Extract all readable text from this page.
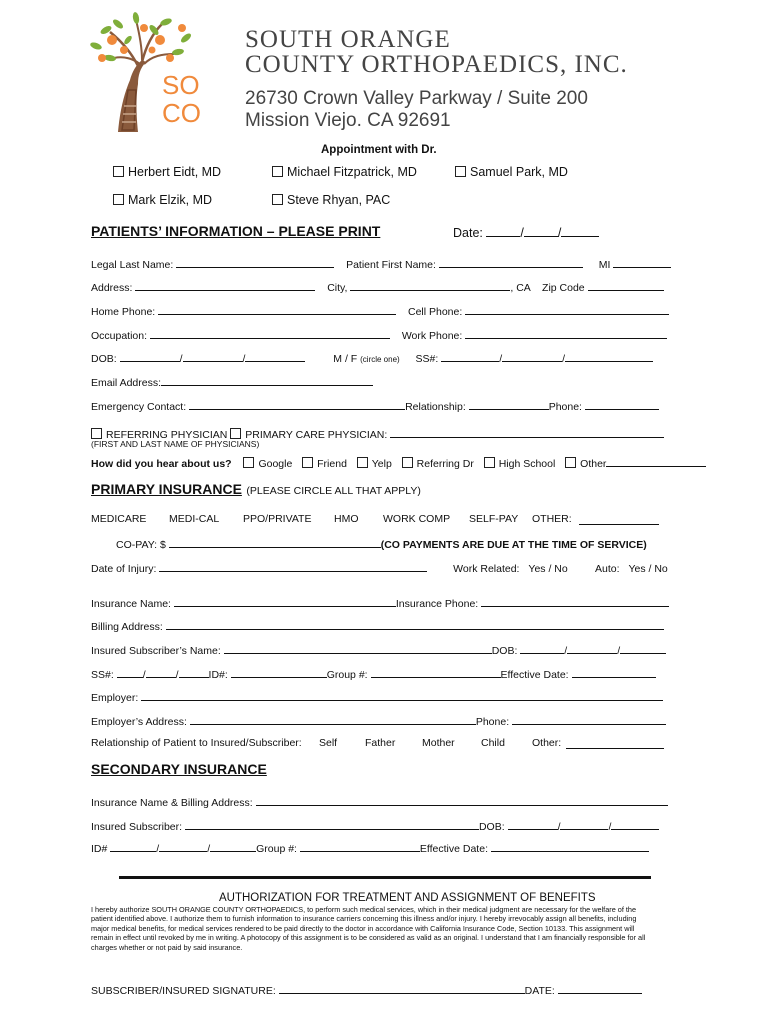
SO
CO
SOUTH ORANGE
COUNTY ORTHOPAEDICS, INC.
26730 Crown Valley Parkway / Suite 200
Mission Viejo. CA 92691
Appointment with Dr.
Herbert Eidt, MD	Michael Fitzpatrick, MD	Samuel Park, MD
Mark Elzik, MD	Steve Rhyan, PAC
PATIENTS’ INFORMATION – PLEASE PRINT	Date:	/	/
Legal Last Name:	Patient First Name:	MI
Address:	City,	, CA Zip Code
Home Phone:	Cell Phone:
Occupation:	Work Phone:
DOB:	/	/	M / F (circle one) SS#:	/	/
Email Address:
Emergency Contact:	Relationship:	Phone:
REFERRING PHYSICIAN PRIMARY CARE PHYSICIAN:
(FIRST AND LAST NAME OF PHYSICIANS)
How did you hear about us?	Google Friend Yelp Referring Dr High School Other
PRIMARY INSURANCE (PLEASE CIRCLE ALL THAT APPLY)
MEDICARE MEDI-CAL PPO/PRIVATE HMO WORK COMP SELF-PAY OTHER:
CO-PAY: $	(CO PAYMENTS ARE DUE AT THE TIME OF SERVICE)
Date of Injury:	Work Related: Yes / No	Auto: Yes / No
Insurance Name:	Insurance Phone:
Billing Address:
Insured Subscriber’s Name:	DOB:	/	/
SS#:	/	/	ID#:	Group #:	Effective Date:
Employer:
Employer’s Address:	Phone:
Relationship of Patient to Insured/Subscriber: Self	Father	Mother	Child	Other:
SECONDARY INSURANCE
Insurance Name & Billing Address:
Insured Subscriber:	DOB:	/	/
ID#	/	/	Group #:	Effective Date:
AUTHORIZATION FOR TREATMENT AND ASSIGNMENT OF BENEFITS
I hereby authorize SOUTH ORANGE COUNTY ORTHOPAEDICS, to perform such medical services, which in their medical judgment are necessary for the welfare of the
patient identified above. I authorize them to furnish information to insurance carriers concerning this illness and/or injury. I hereby irrevocably assign all benefits, including
major medical benefits, for medical services rendered to be paid directly to the doctor in accordance with California Insurance Code, Section 10133. This assignment will
remain in effect until revoked by me in writing. A photocopy of this assignment is to be considered as valid as an original. I understand that I am financially responsible for all
charges whether or not paid by said insurance.
SUBSCRIBER/INSURED SIGNATURE:	DATE:
